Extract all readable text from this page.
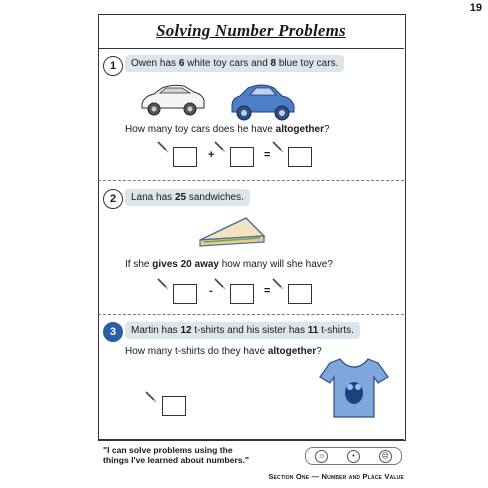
19
Solving Number Problems
1	Owen has 6 white toy cars and 8 blue toy cars.
How many toy cars does he have altogether?
+	=
2	Lana has 25 sandwiches.
If she gives 20 away how many will she have?
-	=
3	Martin has 12 t-shirts and his sister has 11 t-shirts.
How many t-shirts do they have altogether?
"I can solve problems using the
things I've learned about numbers."	☺	•	☹
Section One — Number and Place Value
